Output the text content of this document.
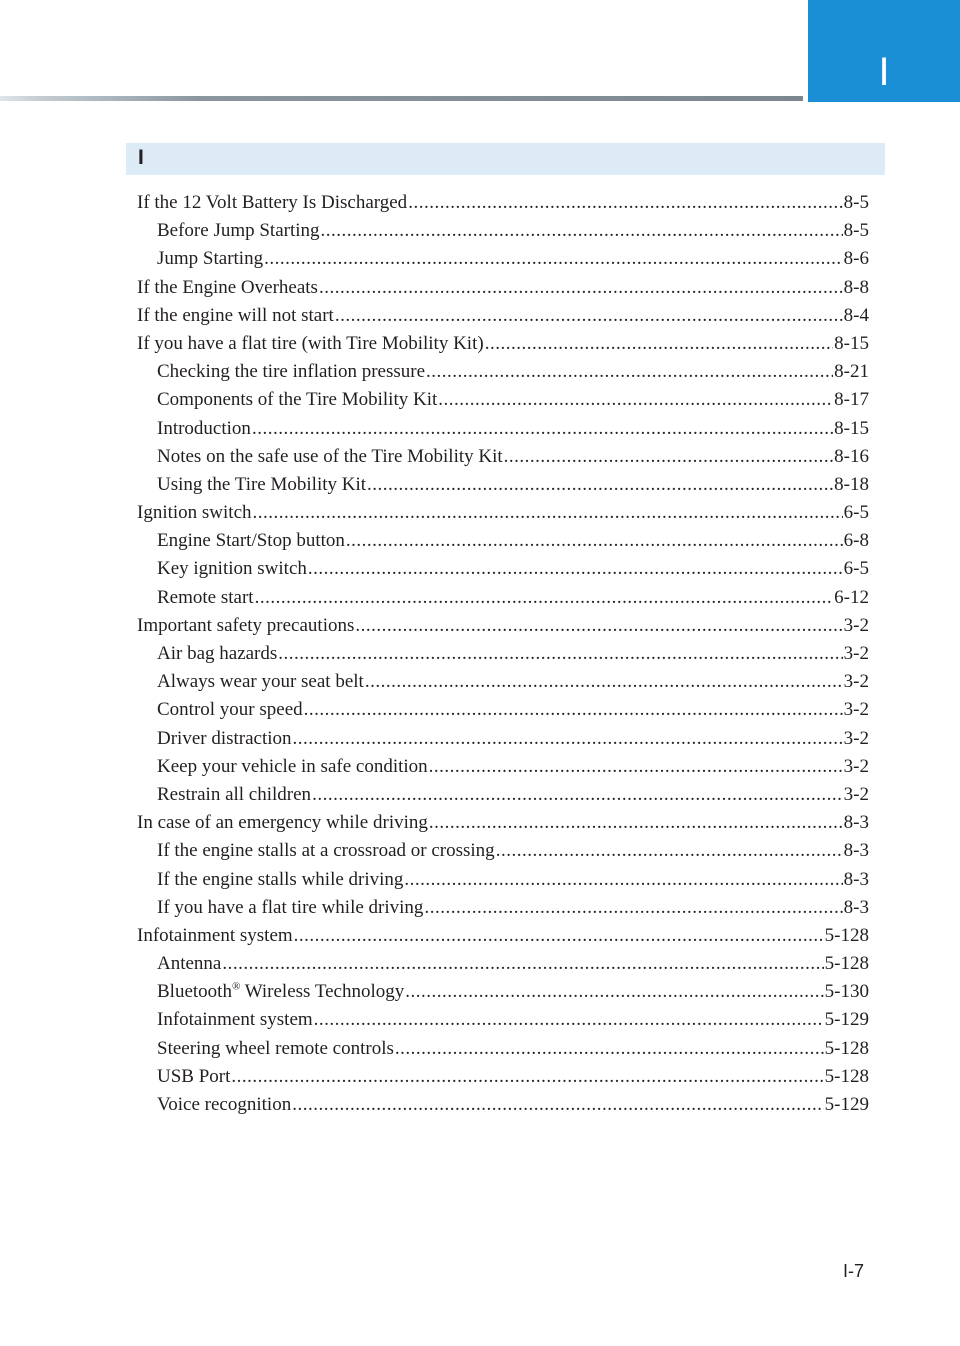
I
I
If the 12 Volt Battery Is Discharged .....	8-5
Before Jump Starting .....	8-5
Jump Starting .....	8-6
If the Engine Overheats .....	8-8
If the engine will not start .....	8-4
If you have a flat tire (with Tire Mobility Kit) .....	8-15
Checking the tire inflation pressure .....	8-21
Components of the Tire Mobility Kit .....	8-17
Introduction .....	8-15
Notes on the safe use of the Tire Mobility Kit .....	8-16
Using the Tire Mobility Kit .....	8-18
Ignition switch .....	6-5
Engine Start/Stop button .....	6-8
Key ignition switch .....	6-5
Remote start .....	6-12
Important safety precautions .....	3-2
Air bag hazards .....	3-2
Always wear your seat belt .....	3-2
Control your speed .....	3-2
Driver distraction .....	3-2
Keep your vehicle in safe condition .....	3-2
Restrain all children .....	3-2
In case of an emergency while driving .....	8-3
If the engine stalls at a crossroad or crossing .....	8-3
If the engine stalls while driving .....	8-3
If you have a flat tire while driving .....	8-3
Infotainment system .....	5-128
Antenna .....	5-128
Bluetooth® Wireless Technology .....	5-130
Infotainment system .....	5-129
Steering wheel remote controls .....	5-128
USB Port .....	5-128
Voice recognition .....	5-129
I-7
